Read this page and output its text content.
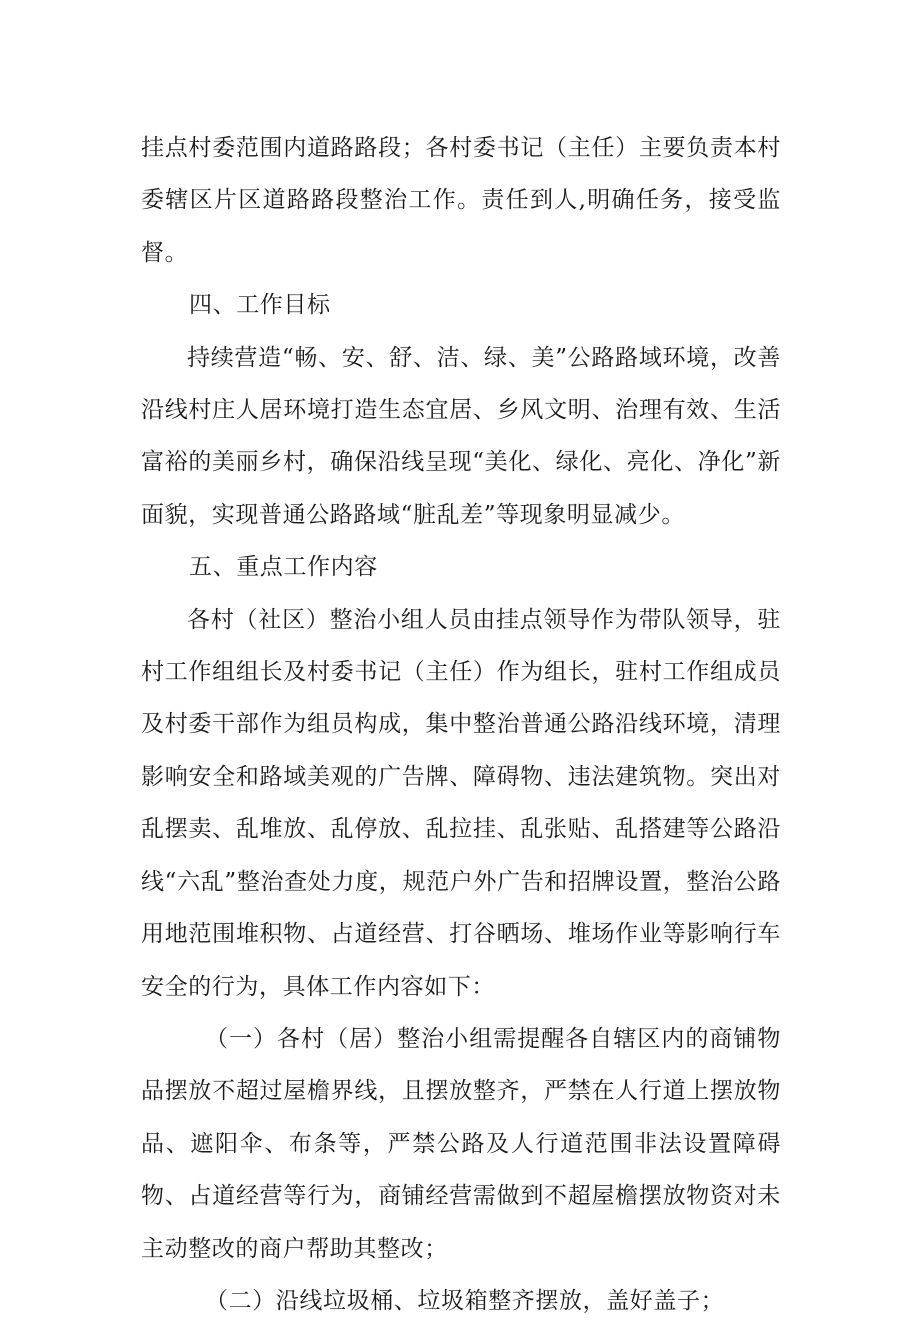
挂点村委范围内道路路段；各村委书记（主任）主要负责本村委辖区片区道路路段整治工作。责任到人,明确任务，接受监督。

四、工作目标

持续营造“畅、安、舒、洁、绿、美”公路路域环境，改善沿线村庄人居环境打造生态宜居、乡风文明、治理有效、生活富裕的美丽乡村，确保沿线呈现“美化、绿化、亮化、净化”新面貌，实现普通公路路域“脏乱差”等现象明显减少。

五、重点工作内容

各村（社区）整治小组人员由挂点领导作为带队领导，驻村工作组组长及村委书记（主任）作为组长，驻村工作组成员及村委干部作为组员构成，集中整治普通公路沿线环境，清理影响安全和路域美观的广告牌、障碍物、违法建筑物。突出对乱摆卖、乱堆放、乱停放、乱拉挂、乱张贴、乱搭建等公路沿线“六乱”整治查处力度，规范户外广告和招牌设置，整治公路用地范围堆积物、占道经营、打谷晒场、堆场作业等影响行车安全的行为，具体工作内容如下：

（一）各村（居）整治小组需提醒各自辖区内的商铺物品摆放不超过屋檐界线，且摆放整齐，严禁在人行道上摆放物品、遮阳伞、布条等，严禁公路及人行道范围非法设置障碍物、占道经营等行为，商铺经营需做到不超屋檐摆放物资对未主动整改的商户帮助其整改；

（二）沿线垃圾桶、垃圾箱整齐摆放，盖好盖子；
